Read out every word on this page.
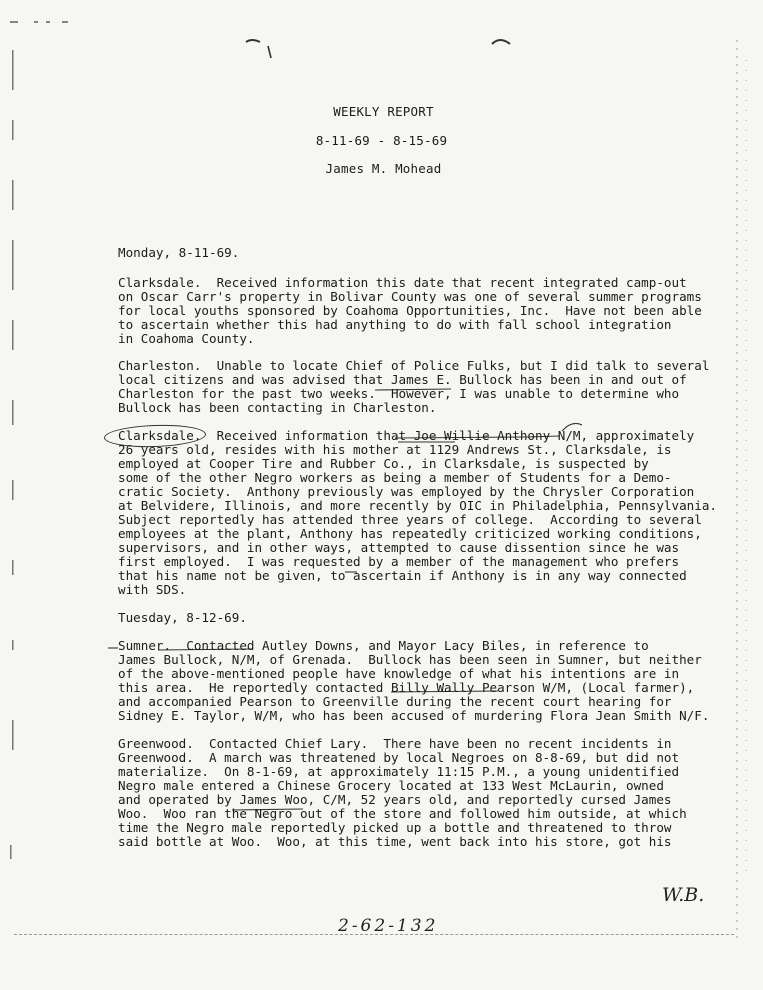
WEEKLY REPORT
8-11-69 - 8-15-69
James M. Mohead
Monday, 8-11-69.
Clarksdale.  Received information this date that recent integrated camp-out
on Oscar Carr's property in Bolivar County was one of several summer programs
for local youths sponsored by Coahoma Opportunities, Inc.  Have not been able
to ascertain whether this had anything to do with fall school integration
in Coahoma County.
Charleston.  Unable to locate Chief of Police Fulks, but I did talk to several
local citizens and was advised that James E. Bullock has been in and out of
Charleston for the past two weeks.  However, I was unable to determine who
Bullock has been contacting in Charleston.
Clarksdale.  Received information that Joe Willie Anthony N/M, approximately
26 years old, resides with his mother at 1129 Andrews St., Clarksdale, is
employed at Cooper Tire and Rubber Co., in Clarksdale, is suspected by
some of the other Negro workers as being a member of Students for a Demo-
cratic Society.  Anthony previously was employed by the Chrysler Corporation
at Belvidere, Illinois, and more recently by OIC in Philadelphia, Pennsylvania.
Subject reportedly has attended three years of college.  According to several
employees at the plant, Anthony has repeatedly criticized working conditions,
supervisors, and in other ways, attempted to cause dissention since he was
first employed.  I was requested by a member of the management who prefers
that his name not be given, to ascertain if Anthony is in any way connected
with SDS.
Tuesday, 8-12-69.
Sumner.  Contacted Autley Downs, and Mayor Lacy Biles, in reference to
James Bullock, N/M, of Grenada.  Bullock has been seen in Sumner, but neither
of the above-mentioned people have knowledge of what his intentions are in
this area.  He reportedly contacted Billy Wally Pearson W/M, (Local farmer),
and accompanied Pearson to Greenville during the recent court hearing for
Sidney E. Taylor, W/M, who has been accused of murdering Flora Jean Smith N/F.
Greenwood.  Contacted Chief Lary.  There have been no recent incidents in
Greenwood.  A march was threatened by local Negroes on 8-8-69, but did not
materialize.  On 8-1-69, at approximately 11:15 P.M., a young unidentified
Negro male entered a Chinese Grocery located at 133 West McLaurin, owned
and operated by James Woo, C/M, 52 years old, and reportedly cursed James
Woo.  Woo ran the Negro out of the store and followed him outside, at which
time the Negro male reportedly picked up a bottle and threatened to throw
said bottle at Woo.  Woo, at this time, went back into his store, got his
W.B.
2-62-132
